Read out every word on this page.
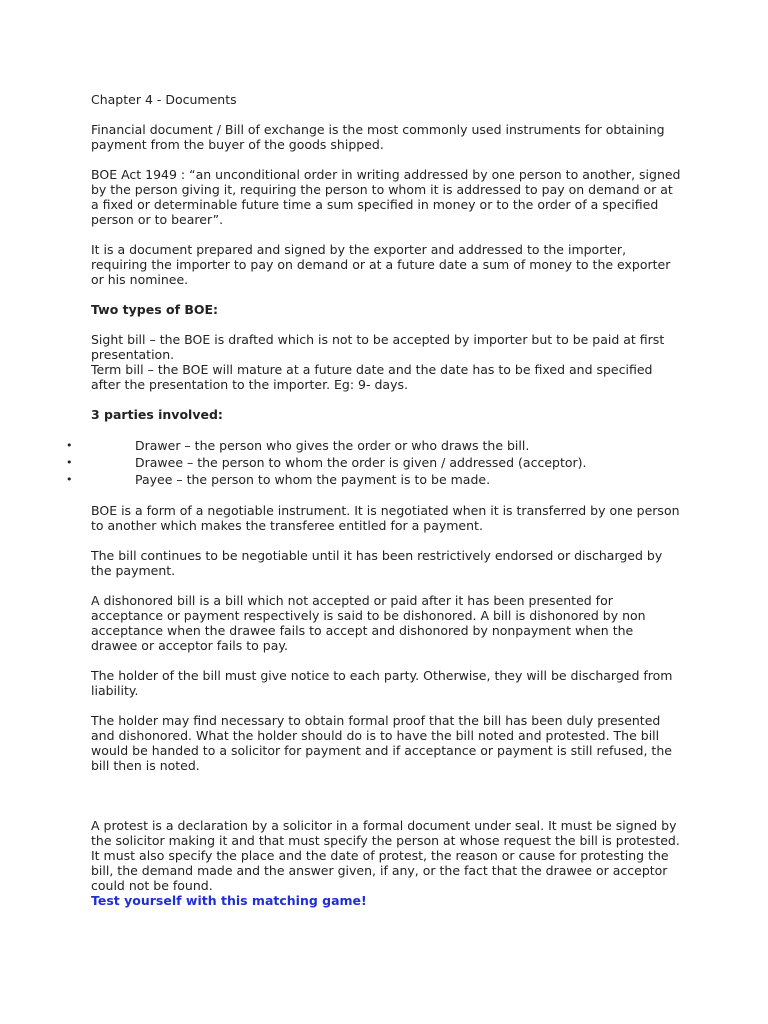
Chapter 4 - Documents

Financial document / Bill of exchange is the most commonly used instruments for obtaining payment from the buyer of the goods shipped.

BOE Act 1949 : “an unconditional order in writing addressed by one person to another, signed by the person giving it, requiring the person to whom it is addressed to pay on demand or at a fixed or determinable future time a sum specified in money or to the order of a specified person or to bearer”.

It is a document prepared and signed by the exporter and addressed to the importer, requiring the importer to pay on demand or at a future date a sum of money to the exporter or his nominee.

Two types of BOE:

Sight bill – the BOE is drafted which is not to be accepted by importer but to be paid at first presentation.

Term bill – the BOE will mature at a future date and the date has to be fixed and specified after the presentation to the importer. Eg: 9- days.

3 parties involved:
•	Drawer – the person who gives the order or who draws the bill.
•	Drawee – the person to whom the order is given / addressed (acceptor).
•	Payee – the person to whom the payment is to be made.

BOE is a form of a negotiable instrument. It is negotiated when it is transferred by one person to another which makes the transferee entitled for a payment.

The bill continues to be negotiable until it has been restrictively endorsed or discharged by the payment.

A dishonored bill is a bill which not accepted or paid after it has been presented for acceptance or payment respectively is said to be dishonored. A bill is dishonored by non acceptance when the drawee fails to accept and dishonored by nonpayment when the drawee or acceptor fails to pay.

The holder of the bill must give notice to each party. Otherwise, they will be discharged from liability.

The holder may find necessary to obtain formal proof that the bill has been duly presented and dishonored. What the holder should do is to have the bill noted and protested. The bill would be handed to a solicitor for payment and if acceptance or payment is still refused, the bill then is noted.

A protest is a declaration by a solicitor in a formal document under seal. It must be signed by the solicitor making it and that must specify the person at whose request the bill is protested. It must also specify the place and the date of protest, the reason or cause for protesting the bill, the demand made and the answer given, if any, or the fact that the drawee or acceptor could not be found.

Test yourself with this matching game!
